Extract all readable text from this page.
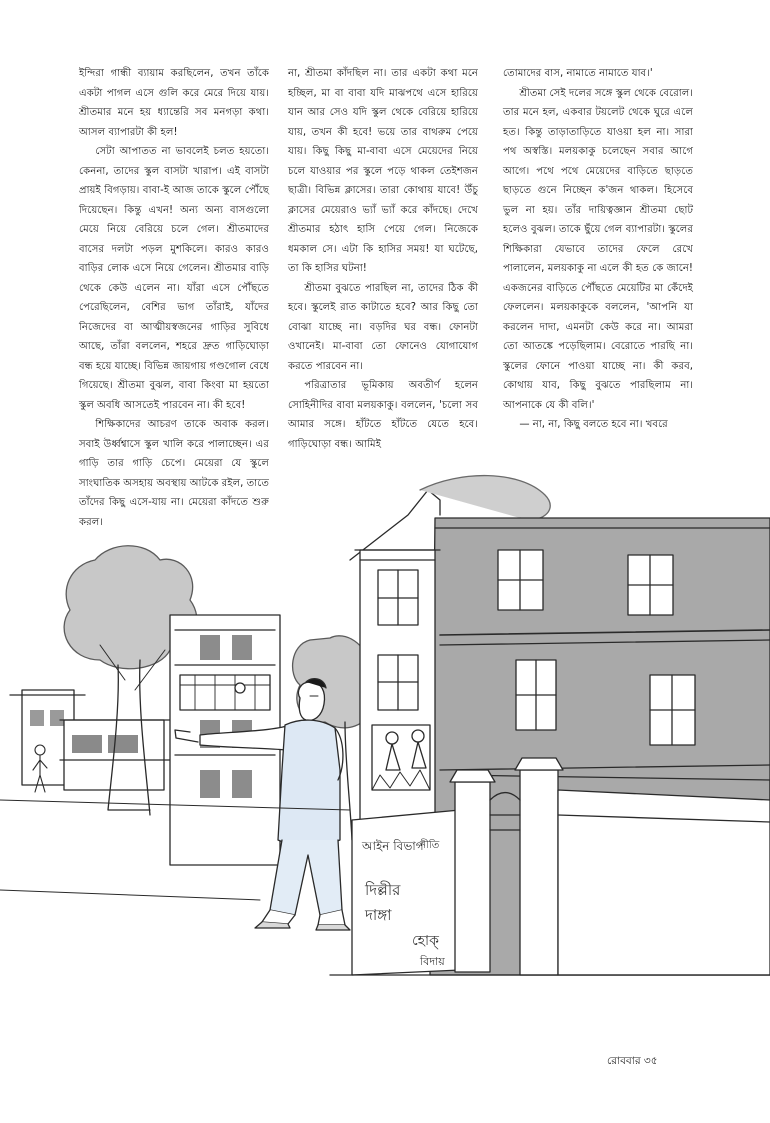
ইন্দিরা গান্ধী ব্যায়াম করছিলেন, তখন তাঁকে একটা পাগল এসে গুলি করে মেরে দিয়ে যায়। শ্রীতমার মনে হয় ধ্যান্তেরি সব মনগড়া কথা। আসল ব্যাপারটা কী হল!

সেটা আপাতত না ভাবলেই চলত হয়তো। কেননা, তাদের স্কুল বাসটা খারাপ। এই বাসটা প্রায়ই বিগড়ায়। বাবা-ই আজ তাকে স্কুলে পৌঁছে দিয়েছেন। কিন্তু এখন! অন্য অন্য বাসগুলো মেয়ে নিয়ে বেরিয়ে চলে গেল। শ্রীতমাদের বাসের দলটা পড়ল মুশকিলে। কারও কারও বাড়ির লোক এসে নিয়ে গেলেন। শ্রীতমার বাড়ি থেকে কেউ এলেন না। যাঁরা এসে পৌঁছতে পেরেছিলেন, বেশির ভাগ তাঁরাই, যাঁদের নিজেদের বা আত্মীয়স্বজনের গাড়ির সুবিধে আছে, তাঁরা বললেন, শহরে দ্রুত গাড়িঘোড়া বন্ধ হয়ে যাচ্ছে। বিভিন্ন জায়গায় গণ্ডগোল বেধে গিয়েছে। শ্রীতমা বুঝল, বাবা কিংবা মা হয়তো স্কুল অবধি আসতেই পারবেন না। কী হবে!

শিক্ষিকাদের আচরণ তাকে অবাক করল। সবাই উর্ধ্বশ্বাসে স্কুল খালি করে পালাচ্ছেন। এর গাড়ি তার গাড়ি চেপে। মেয়েরা যে স্কুলে সাংঘাতিক অসহায় অবস্থায় আটকে রইল, তাতে তাঁদের কিছু এসে-যায় না। মেয়েরা কাঁদতে শুরু করল।

না, শ্রীতমা কাঁদছিল না। তার একটা কথা মনে হচ্ছিল, মা বা বাবা যদি মাঝপথে এসে হারিয়ে যান আর সেও যদি স্কুল থেকে বেরিয়ে হারিয়ে যায়, তখন কী হবে! ভয়ে তার বাথরুম পেয়ে যায়। কিছু কিছু মা-বাবা এসে মেয়েদের নিয়ে চলে যাওয়ার পর স্কুলে পড়ে থাকল তেইশজন ছাত্রী। বিভিন্ন ক্লাসের। তারা কোথায় যাবে! উঁচু ক্লাসের মেয়েরাও ভ্যাঁ ভ্যাঁ করে কাঁদছে। দেখে শ্রীতমার হঠাৎ হাসি পেয়ে গেল। নিজেকে ধমকাল সে। এটা কি হাসির সময়! যা ঘটেছে, তা কি হাসির ঘটনা!

শ্রীতমা বুঝতে পারছিল না, তাদের ঠিক কী হবে। স্কুলেই রাত কাটাতে হবে? আর কিছু তো বোঝা যাচ্ছে না। বড়দির ঘর বন্ধ। ফোনটা ওখানেই। মা-বাবা তো ফোনেও যোগাযোগ করতে পারবেন না।

পরিত্রাতার ভূমিকায় অবতীর্ণ হলেন সোহিনীদির বাবা মলয়কাকু। বললেন, 'চলো সব আমার সঙ্গে। হাঁটতে হাঁটতে যেতে হবে। গাড়িঘোড়া বন্ধ। আমিই

তোমাদের বাস, নামাতে নামাতে যাব।'

শ্রীতমা সেই দলের সঙ্গে স্কুল থেকে বেরোল। তার মনে হল, একবার টয়লেট থেকে ঘুরে এলে হত। কিন্তু তাড়াতাড়িতে যাওয়া হল না। সারা পথ অস্বস্তি। মলয়কাকু চলেছেন সবার আগে আগে। পথে পথে মেয়েদের বাড়িতে ছাড়তে ছাড়তে গুনে নিচ্ছেন ক'জন থাকল। হিসেবে ভুল না হয়। তাঁর দায়িত্বজ্ঞান শ্রীতমা ছোট হলেও বুঝল। তাকে ছুঁয়ে গেল ব্যাপারটা। স্কুলের শিক্ষিকারা যেভাবে তাদের ফেলে রেখে পালালেন, মলয়কাকু না এলে কী হত কে জানে! একজনের বাড়িতে পৌঁছতে মেয়েটির মা কেঁদেই ফেললেন। মলয়কাকুকে বললেন, 'আপনি যা করলেন দাদা, এমনটা কেউ করে না। আমরা তো আতঙ্কে পড়েছিলাম। বেরোতে পারছি না। স্কুলের ফোনে পাওয়া যাচ্ছে না। কী করব, কোথায় যাব, কিছু বুঝতে পারছিলাম না। আপনাকে যে কী বলি।'

— না, না, কিছু বলতে হবে না। খবরে

আইন বিভাগ
নীতি
দিল্লীর
দাঙ্গা
হোক্
বিদায়
রোববার ৩৫
